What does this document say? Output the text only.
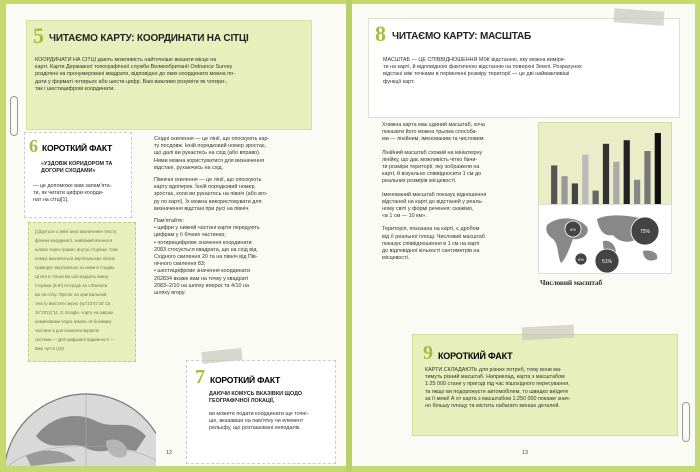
5 ЧИТАЄМО КАРТУ: КООРДИНАТИ НА СІТЦІ
КООРДИНАТИ НА СІТЦІ дають можливість найточніше вказати місце на
карті. Карти Державної топографічної служби Великобританії Ordnance Survey
розділені на пронумеровані квадрати, відповідно до яких координати можна по-
дати у форматі чотирьох або шести цифр. Вам важливо розуміти як чотири-,
так і шестицифрові координати.
6 КОРОТКИЙ ФАКТ
«УЗДОВЖ КОРИДОРОМ ТА ДОГОРИ СХОДАМИ»
— це допоможе вам запам'ята-
ти, як читати цифри коорди-
нат на сітці[1].
[1]Ідеться о зміні зіної визначення тексту
фізичні координаті, знайомий вчення в
шляхи через грамат, внутрі сторінки. Сам
номер визначиться вертікальною лінією
праворуч вертікально за ними в стадіях.
Ці все в тільки Ви шістнадцять внизу
сторінки (6.8ᵃ) Нетроде за «ЗНачити
аж на сітку. Пролог на оригінальний
тексту вмістити зерно (sp°23'n)°34' 1a
34°23'(1)"(4, 3: Google, чорту на ширше
неминовими через землю «8 бнілимку
частини 3 для показати вкрапле
системи — Для цифрової відмінності —
Вже чуття (10)
Східні скилення — це лінії, що опоскують кар-
ту посдовж. Ікній порядковий номер зростає,
що далі ви рукаєтесь на схід (або вправо).
Ними можна користуватися для визначення
відстані, рухаючись на схід.
Північні скилення — це лінії, що опоскують
карту вдоперек. Їхній порядковий номер
зростає, коли ви рукаєтесь на північ (або вго-
ру по карті). Їх можна використовувати для
визначення відстані при русі на північ.
Пам'ятайте:
• цифри у нижній частині карти передують
цифрам у її бічних частинах;
• чотирицифрове значення координати
2083 стосується квадрата, що на схід від
Східного скилення 20 та на північ від Пів-
нічного скилення 83;
• шестицифрове значення координати
202834 вкаже вам на точку у квадраті
2083–2/10 на шляху вперєк та 4/10 на
шляху вгору.
7 КОРОТКИЙ ФАКТ
ДАЮЧИ КОМУСЬ ВКАЗІВКИ ЩОДО ГЕОГРАФІЧНОЇ ЛОКАЦІЇ,
ви можете подати координати ще точні-
ше, вказавши на пам'ятку чи елемент
рельєфу, що розташовані неподалік.
12
8 ЧИТАЄМО КАРТУ: МАСШТАБ
МАСШТАБ — ЦЕ СПІВВІДНОШЕННЯ МІЖ відстанню, яку можна виміря-
ти на карті, й відповідною фактичною відстанню на поверхні Землі. Розрахунок
відстані між точками в порівнянні розміру території — це дві найважливіші
функції карт.
Хлижна карта має єдиний масштаб, хоча
показати його можна трьома способа-
ми — лінійним, іменованим та числовим.
Лінійний масштаб схожий на мініатюрну
лінійку, що дає можливість чітко бачи-
ти розміри території, яку зображели на
карті, й візуально співвідносити 1 см до
реальних розмірів місцевості.
Іменований масштаб показує відношення
відстаней на карті до відстаней у реаль-
ному світі у формі речення: скажімо,
«в 1 см — 10 км».
Територія, показана на карті, є дробом
від її реальної площі. Числовий масштаб
показує співвідношення в 1 см на карті
до відповідної кількості сантиметрів на
місцевості.
75%
8%
51%
6%
Числовий масштаб
9 КОРОТКИЙ ФАКТ
КАРТИ СКЛАДАЮТЬ для різних потреб, тому вони ма-
тимуть різний масштаб. Наприклад, карта з масштабом
1:25 000 стане у пригоді під час пішохідного пересування,
та якщо ви подорожуєте автомобілем, то швидко виїдете
за її межі! А от карта з масштабом 1:250 000 покаже знач-
но більшу площу та містить набагато менше деталей.
13
